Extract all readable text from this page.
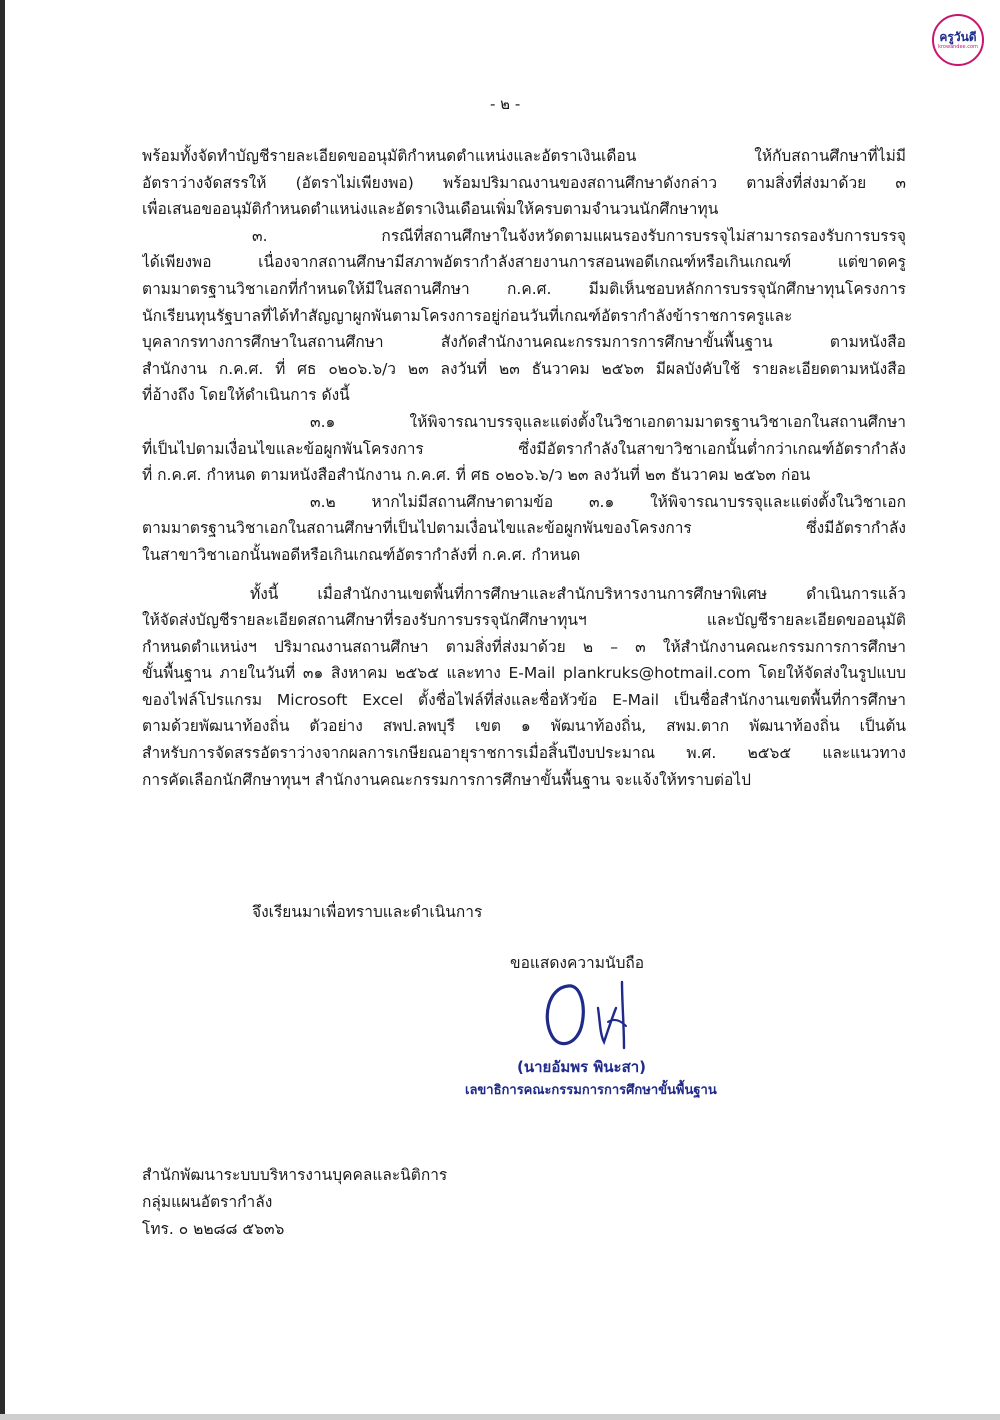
ครูวันดี
krowandee.com
- ๒ -
พร้อมทั้งจัดทำบัญชีรายละเอียดขออนุมัติกำหนดตำแหน่งและอัตราเงินเดือน ให้กับสถานศึกษาที่ไม่มี
อัตราว่างจัดสรรให้ (อัตราไม่เพียงพอ) พร้อมปริมาณงานของสถานศึกษาดังกล่าว ตามสิ่งที่ส่งมาด้วย ๓
เพื่อเสนอขออนุมัติกำหนดตำแหน่งและอัตราเงินเดือนเพิ่มให้ครบตามจำนวนนักศึกษาทุน
๓. กรณีที่สถานศึกษาในจังหวัดตามแผนรองรับการบรรจุไม่สามารถรองรับการบรรจุ
ได้เพียงพอ เนื่องจากสถานศึกษามีสภาพอัตรากำลังสายงานการสอนพอดีเกณฑ์หรือเกินเกณฑ์ แต่ขาดครู
ตามมาตรฐานวิชาเอกที่กำหนดให้มีในสถานศึกษา ก.ค.ศ. มีมติเห็นชอบหลักการบรรจุนักศึกษาทุนโครงการ
นักเรียนทุนรัฐบาลที่ได้ทำสัญญาผูกพันตามโครงการอยู่ก่อนวันที่เกณฑ์อัตรากำลังข้าราชการครูและ
บุคลากรทางการศึกษาในสถานศึกษา สังกัดสำนักงานคณะกรรมการการศึกษาขั้นพื้นฐาน ตามหนังสือ
สำนักงาน ก.ค.ศ. ที่ ศธ ๐๒๐๖.๖/ว ๒๓ ลงวันที่ ๒๓ ธันวาคม ๒๕๖๓ มีผลบังคับใช้ รายละเอียดตามหนังสือ
ที่อ้างถึง โดยให้ดำเนินการ ดังนี้
๓.๑ ให้พิจารณาบรรจุและแต่งตั้งในวิชาเอกตามมาตรฐานวิชาเอกในสถานศึกษา
ที่เป็นไปตามเงื่อนไขและข้อผูกพันโครงการ ซึ่งมีอัตรากำลังในสาขาวิชาเอกนั้นต่ำกว่าเกณฑ์อัตรากำลัง
ที่ ก.ค.ศ. กำหนด ตามหนังสือสำนักงาน ก.ค.ศ. ที่ ศธ ๐๒๐๖.๖/ว ๒๓ ลงวันที่ ๒๓ ธันวาคม ๒๕๖๓ ก่อน
๓.๒ หากไม่มีสถานศึกษาตามข้อ ๓.๑ ให้พิจารณาบรรจุและแต่งตั้งในวิชาเอก
ตามมาตรฐานวิชาเอกในสถานศึกษาที่เป็นไปตามเงื่อนไขและข้อผูกพันของโครงการ ซึ่งมีอัตรากำลัง
ในสาขาวิชาเอกนั้นพอดีหรือเกินเกณฑ์อัตรากำลังที่ ก.ค.ศ. กำหนด
ทั้งนี้ เมื่อสำนักงานเขตพื้นที่การศึกษาและสำนักบริหารงานการศึกษาพิเศษ ดำเนินการแล้ว
ให้จัดส่งบัญชีรายละเอียดสถานศึกษาที่รองรับการบรรจุนักศึกษาทุนฯ และบัญชีรายละเอียดขออนุมัติ
กำหนดตำแหน่งฯ ปริมาณงานสถานศึกษา ตามสิ่งที่ส่งมาด้วย ๒ – ๓ ให้สำนักงานคณะกรรมการการศึกษา
ขั้นพื้นฐาน ภายในวันที่ ๓๑ สิงหาคม ๒๕๖๕ และทาง E-Mail plankruks@hotmail.com โดยให้จัดส่งในรูปแบบ
ของไฟล์โปรแกรม Microsoft Excel ตั้งชื่อไฟล์ที่ส่งและชื่อหัวข้อ E-Mail เป็นชื่อสำนักงานเขตพื้นที่การศึกษา
ตามด้วยพัฒนาท้องถิ่น ตัวอย่าง สพป.ลพบุรี เขต ๑ พัฒนาท้องถิ่น, สพม.ตาก พัฒนาท้องถิ่น เป็นต้น
สำหรับการจัดสรรอัตราว่างจากผลการเกษียณอายุราชการเมื่อสิ้นปีงบประมาณ พ.ศ. ๒๕๖๕ และแนวทาง
การคัดเลือกนักศึกษาทุนฯ สำนักงานคณะกรรมการการศึกษาขั้นพื้นฐาน จะแจ้งให้ทราบต่อไป
จึงเรียนมาเพื่อทราบและดำเนินการ
ขอแสดงความนับถือ
(นายอัมพร พินะสา)
เลขาธิการคณะกรรมการการศึกษาขั้นพื้นฐาน
สำนักพัฒนาระบบบริหารงานบุคคลและนิติการ
กลุ่มแผนอัตรากำลัง
โทร. ๐ ๒๒๘๘ ๕๖๓๖
